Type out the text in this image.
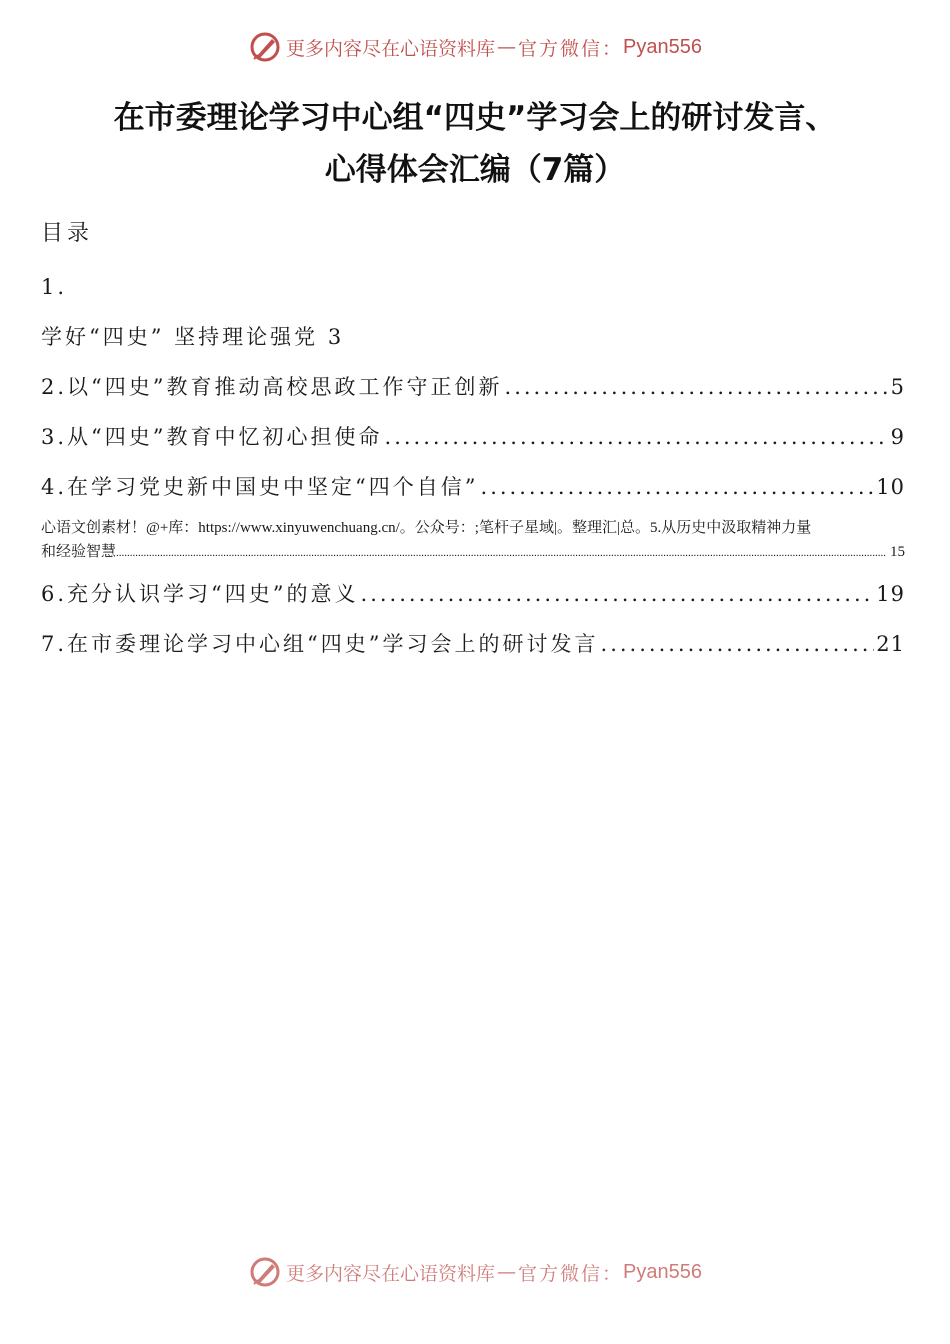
更多内容尽在心语资料库 — 官方微信： Pyan556
在市委理论学习中心组“四史”学习会上的研讨发言、
心得体会汇编（7篇）
目录
1.
学好“四史” 坚持理论强党 3
2.以“四史”教育推动高校思政工作守正创新 .....	5
3.从“四史”教育中忆初心担使命 .....	9
4.在学习党史新中国史中坚定“四个自信” .....	10
心语文创素材！@+库：https://www.xinyuwenchuang.cn/。公众号：;笔杆子星域|。整理汇|总。5.从历史中汲取精神力量
和经验智慧 .....	15
6.充分认识学习“四史”的意义 .....	19
7.在市委理论学习中心组“四史”学习会上的研讨发言 .....	21
更多内容尽在心语资料库 — 官方微信： Pyan556
